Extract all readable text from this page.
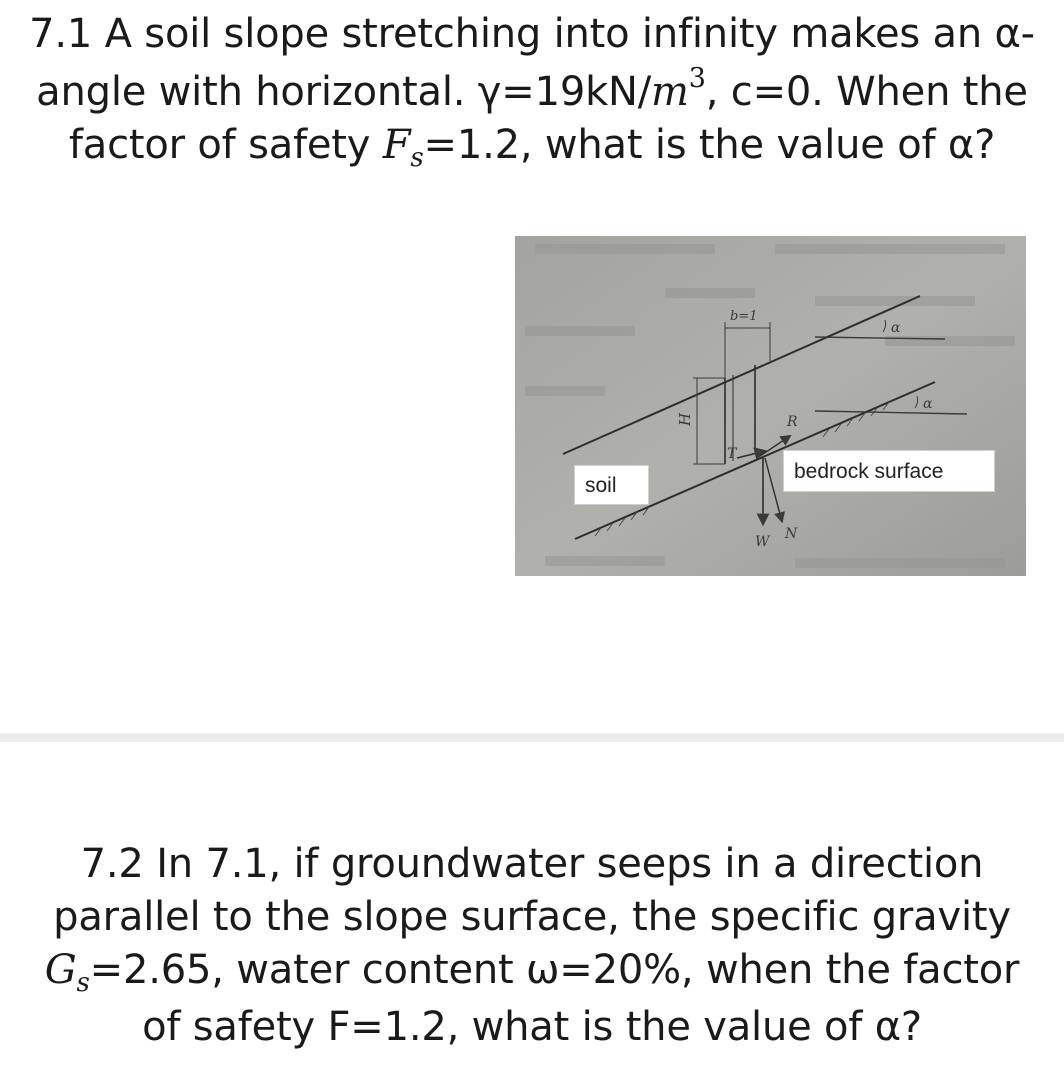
7.1 A soil slope stretching into infinity makes an α-
angle with horizontal. $\gamma=19kN/m^3$, c=0. When the
factor of safety $F_s=1.2$, what is the value of α?
H
b=1
α
α
T
R
W N
soil
bedrock surface
7.2 In 7.1, if groundwater seeps in a direction
parallel to the slope surface, the specific gravity
$G_s=2.65$, water content ω=20%, when the factor
of safety F=1.2, what is the value of α?
